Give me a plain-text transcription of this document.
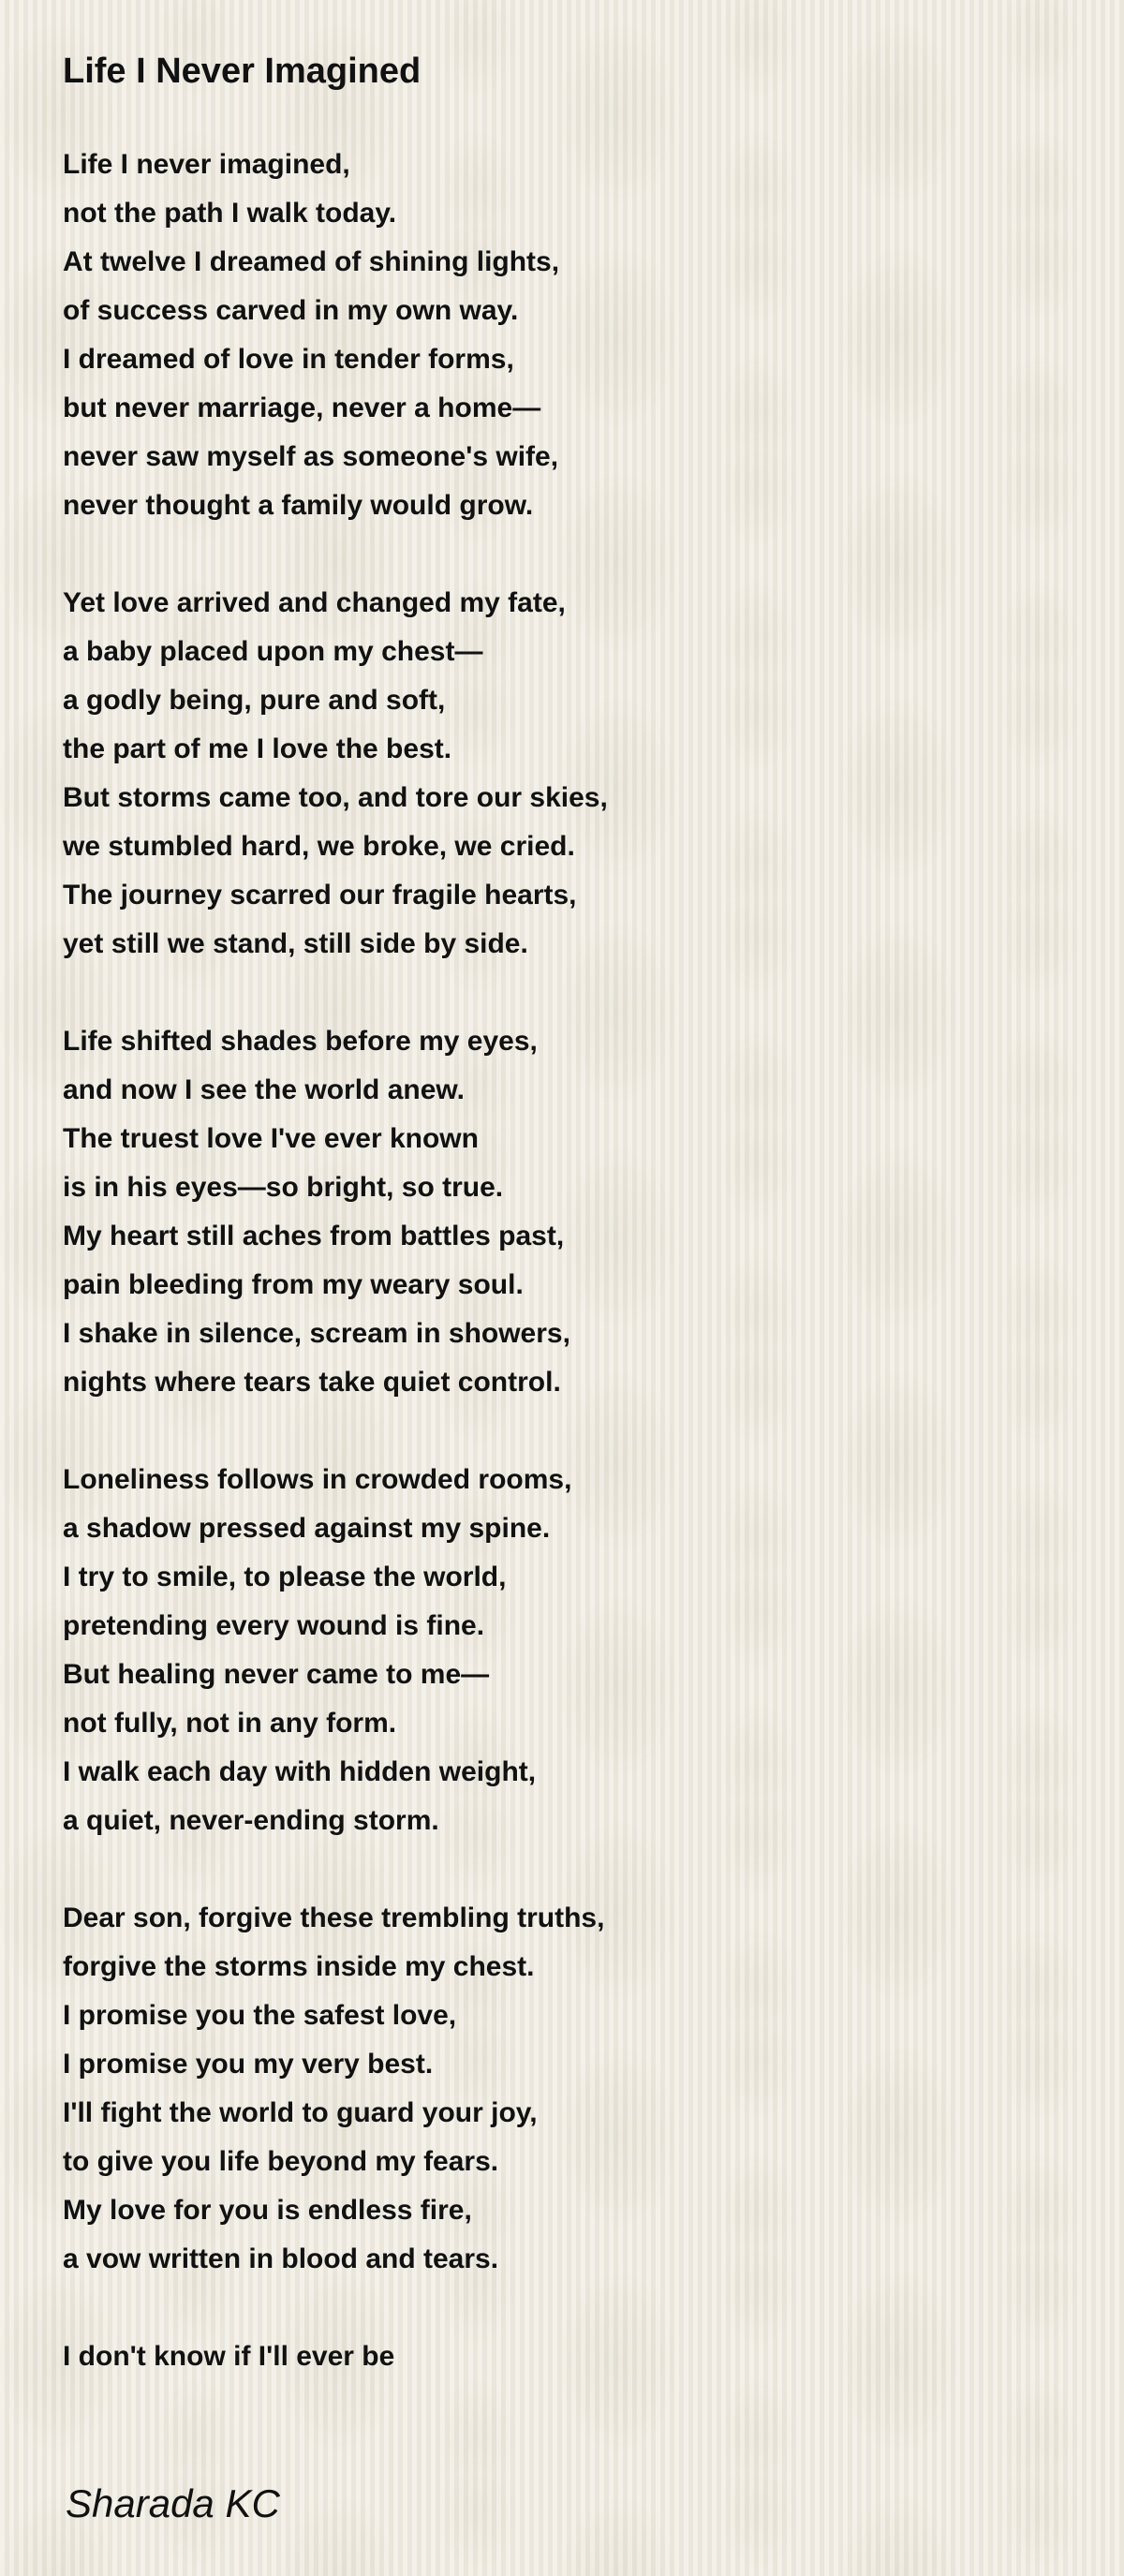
Life I Never Imagined
Life I never imagined,
not the path I walk today.
At twelve I dreamed of shining lights,
of success carved in my own way.
I dreamed of love in tender forms,
but never marriage, never a home—
never saw myself as someone's wife,
never thought a family would grow.
Yet love arrived and changed my fate,
a baby placed upon my chest—
a godly being, pure and soft,
the part of me I love the best.
But storms came too, and tore our skies,
we stumbled hard, we broke, we cried.
The journey scarred our fragile hearts,
yet still we stand, still side by side.
Life shifted shades before my eyes,
and now I see the world anew.
The truest love I've ever known
is in his eyes—so bright, so true.
My heart still aches from battles past,
pain bleeding from my weary soul.
I shake in silence, scream in showers,
nights where tears take quiet control.
Loneliness follows in crowded rooms,
a shadow pressed against my spine.
I try to smile, to please the world,
pretending every wound is fine.
But healing never came to me—
not fully, not in any form.
I walk each day with hidden weight,
a quiet, never-ending storm.
Dear son, forgive these trembling truths,
forgive the storms inside my chest.
I promise you the safest love,
I promise you my very best.
I'll fight the world to guard your joy,
to give you life beyond my fears.
My love for you is endless fire,
a vow written in blood and tears.
I don't know if I'll ever be
Sharada KC
